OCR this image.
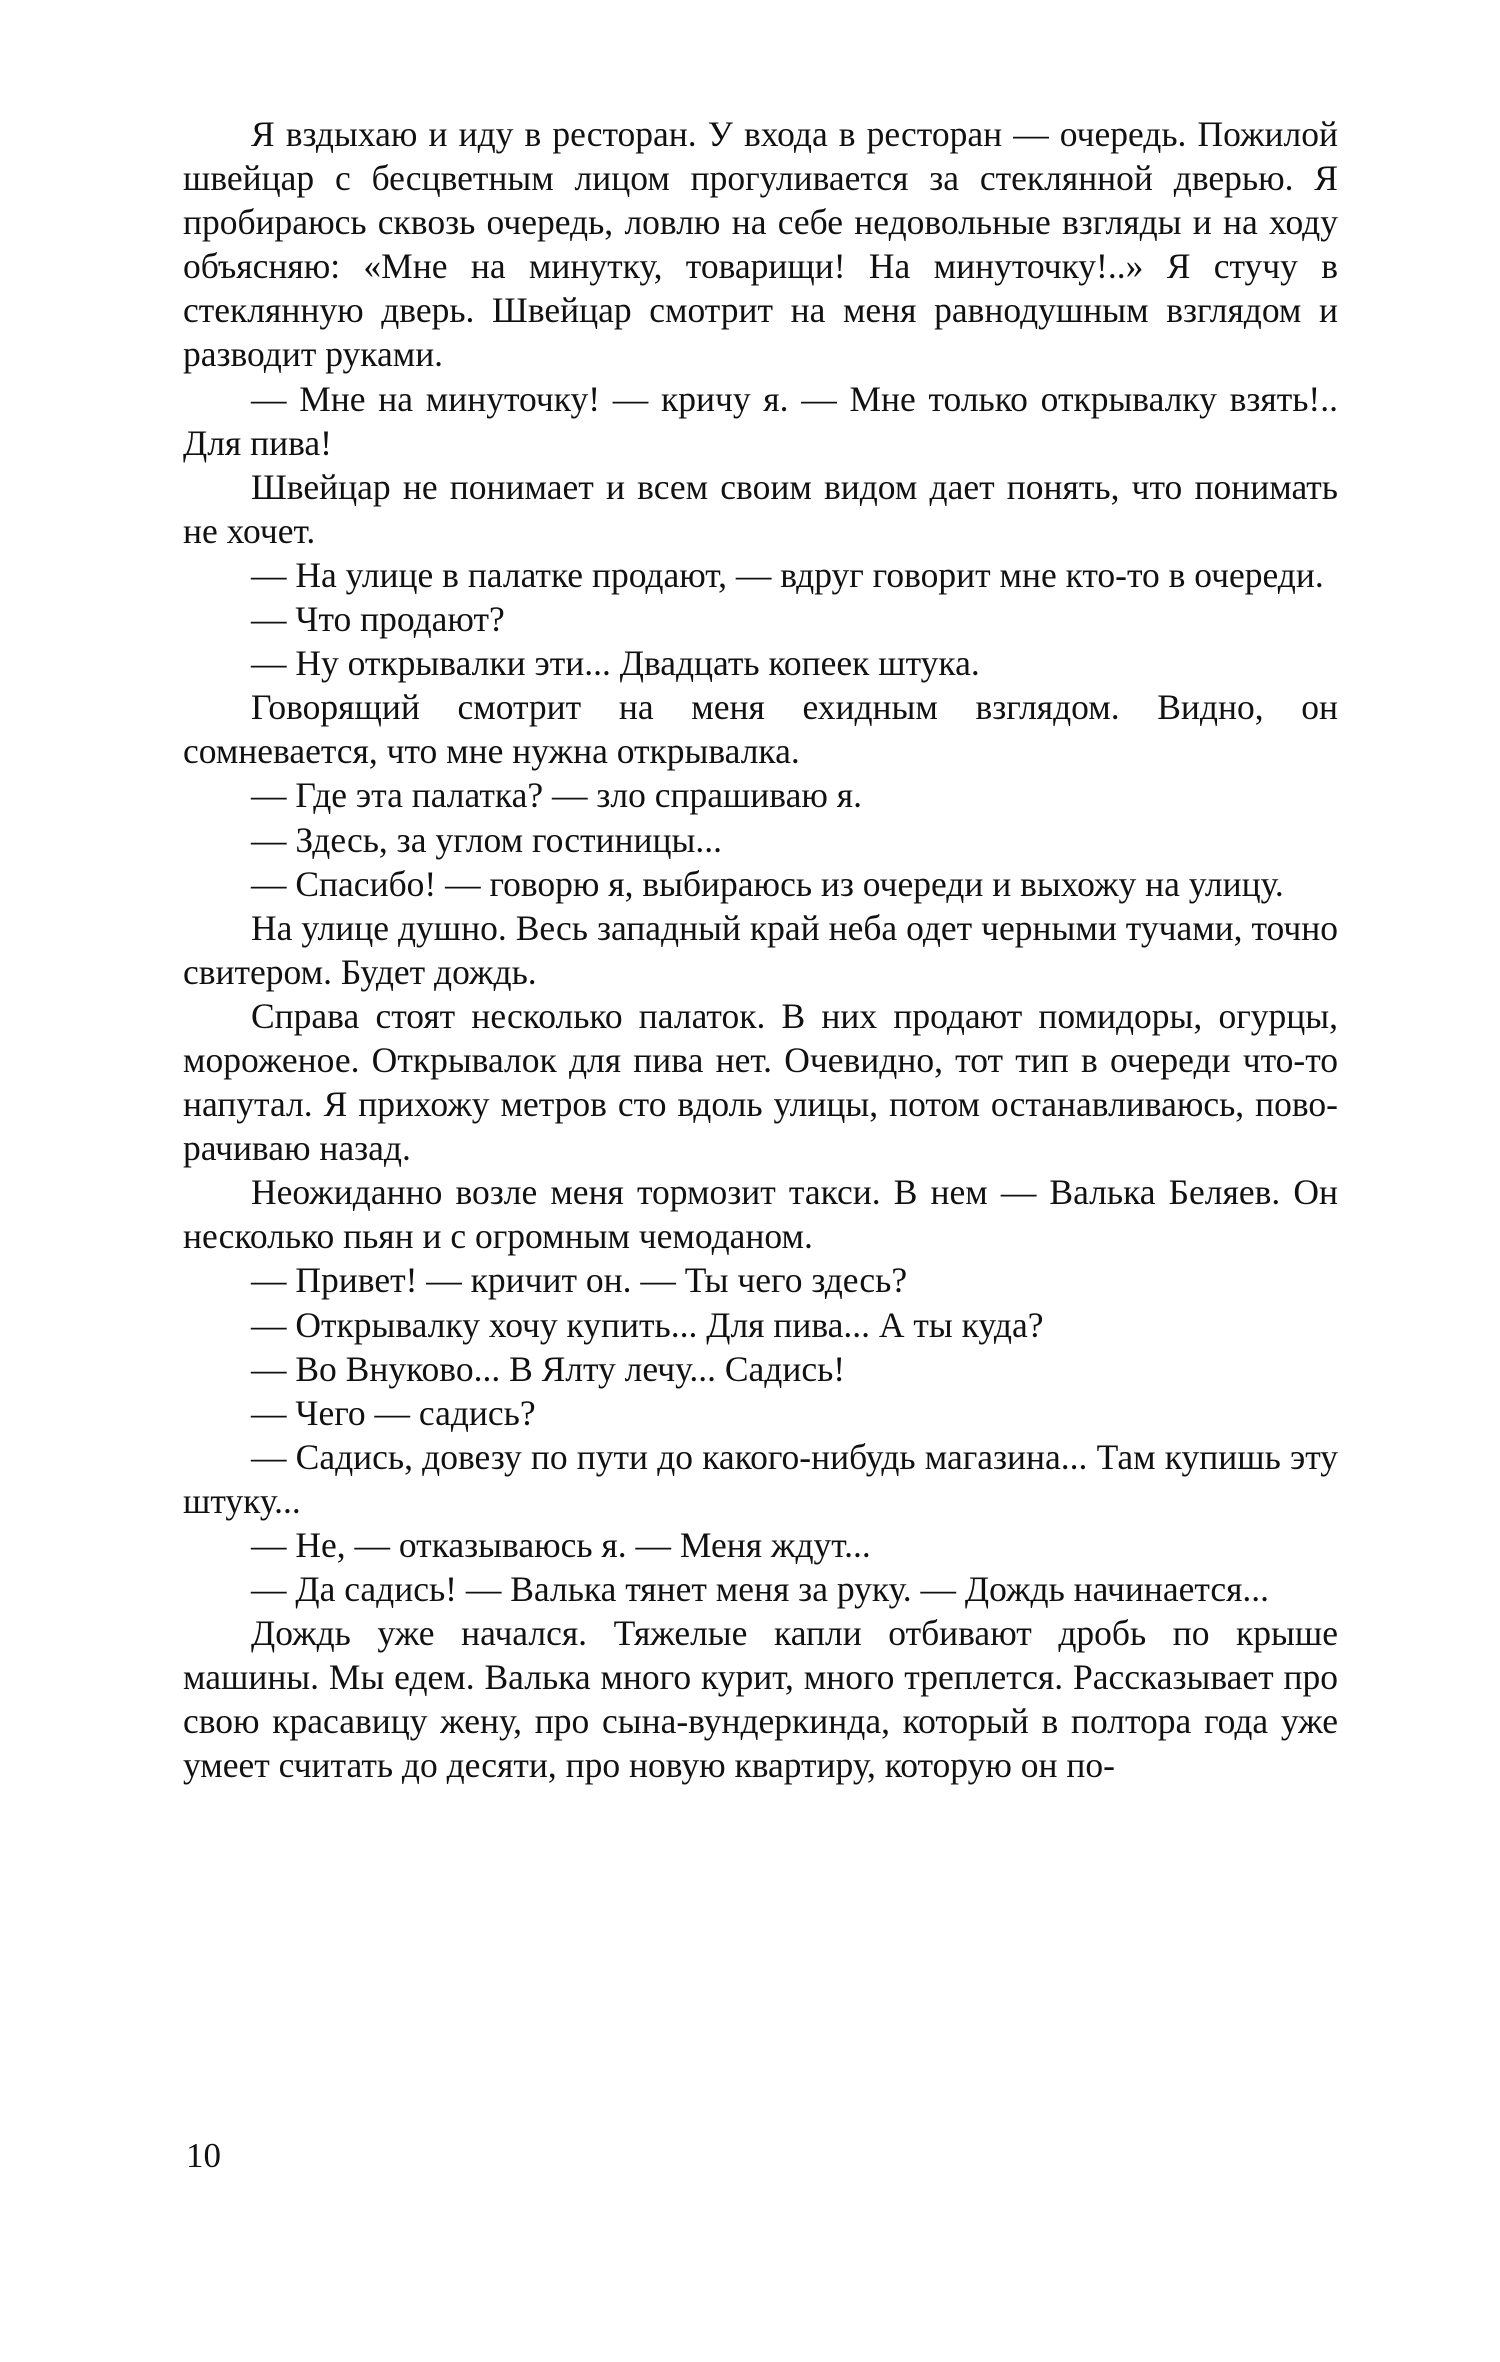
Я вздыхаю и иду в ресторан. У входа в ресторан — очередь. Пожилой швейцар с бесцветным лицом прогуливается за стеклянной дверью. Я пробираюсь сквозь очередь, ловлю на себе недовольные взгляды и на ходу объясняю: «Мне на минутку, товарищи! На минуточку!..» Я стучу в стеклянную дверь. Швейцар смотрит на меня равнодушным взглядом и разводит руками.

— Мне на минуточку! — кричу я. — Мне только открывалку взять!.. Для пива!

Швейцар не понимает и всем своим видом дает понять, что понимать не хочет.

— На улице в палатке продают, — вдруг говорит мне кто-то в очереди.

— Что продают?

— Ну открывалки эти... Двадцать копеек штука.

Говорящий смотрит на меня ехидным взглядом. Видно, он сомневается, что мне нужна открывалка.

— Где эта палатка? — зло спрашиваю я.

— Здесь, за углом гостиницы...

— Спасибо! — говорю я, выбираюсь из очереди и выхожу на улицу.

На улице душно. Весь западный край неба одет черными тучами, точно свитером. Будет дождь.

Справа стоят несколько палаток. В них продают помидоры, огурцы, мороженое. Открывалок для пива нет. Очевидно, тот тип в очереди что-то напутал. Я прихожу метров сто вдоль улицы, потом останавливаюсь, поворачиваю назад.

Неожиданно возле меня тормозит такси. В нем — Валька Беляев. Он несколько пьян и с огромным чемоданом.

— Привет! — кричит он. — Ты чего здесь?

— Открывалку хочу купить... Для пива... А ты куда?

— Во Внуково... В Ялту лечу... Садись!

— Чего — садись?

— Садись, довезу по пути до какого-нибудь магазина... Там купишь эту штуку...

— Не, — отказываюсь я. — Меня ждут...

— Да садись! — Валька тянет меня за руку. — Дождь начинается...

Дождь уже начался. Тяжелые капли отбивают дробь по крыше машины. Мы едем. Валька много курит, много треплется. Рассказывает про свою красавицу жену, про сына-вундеркинда, который в полтора года уже умеет считать до десяти, про новую квартиру, которую он по-

10
